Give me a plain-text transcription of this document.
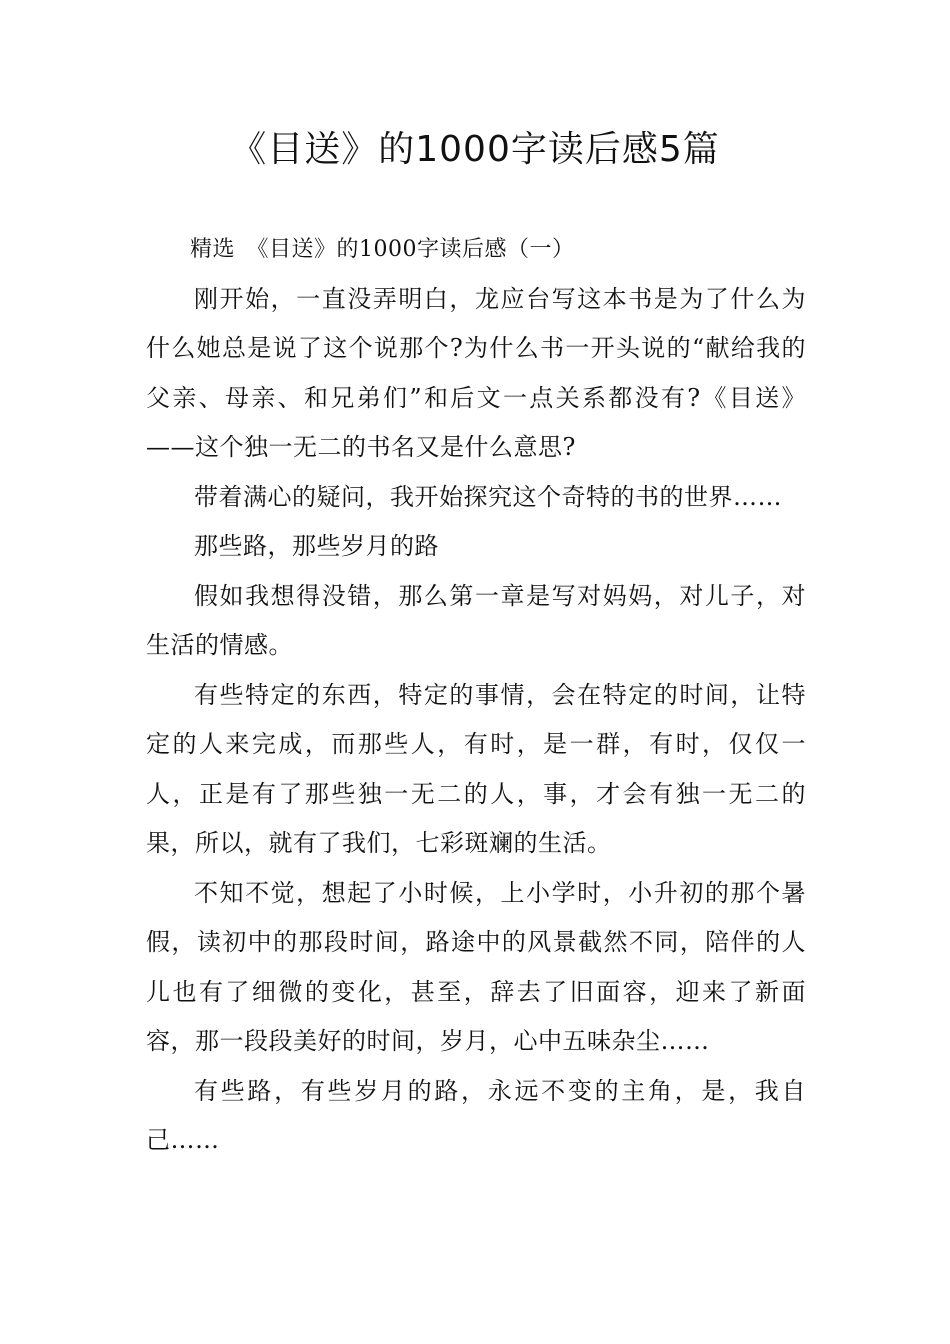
《目送》的1000字读后感5篇

精选　《目送》的1000字读后感（一）

刚开始，一直没弄明白，龙应台写这本书是为了什么为什么她总是说了这个说那个?为什么书一开头说的“献给我的父亲、母亲、和兄弟们”和后文一点关系都没有?《目送》——这个独一无二的书名又是什么意思?

带着满心的疑问，我开始探究这个奇特的书的世界……

那些路，那些岁月的路

假如我想得没错，那么第一章是写对妈妈，对儿子，对生活的情感。

有些特定的东西，特定的事情，会在特定的时间，让特定的人来完成，而那些人，有时，是一群，有时，仅仅一人，正是有了那些独一无二的人，事，才会有独一无二的果，所以，就有了我们，七彩斑斓的生活。

不知不觉，想起了小时候，上小学时，小升初的那个暑假，读初中的那段时间，路途中的风景截然不同，陪伴的人儿也有了细微的变化，甚至，辞去了旧面容，迎来了新面容，那一段段美好的时间，岁月，心中五味杂尘……

有些路，有些岁月的路，永远不变的主角，是，我自己……
